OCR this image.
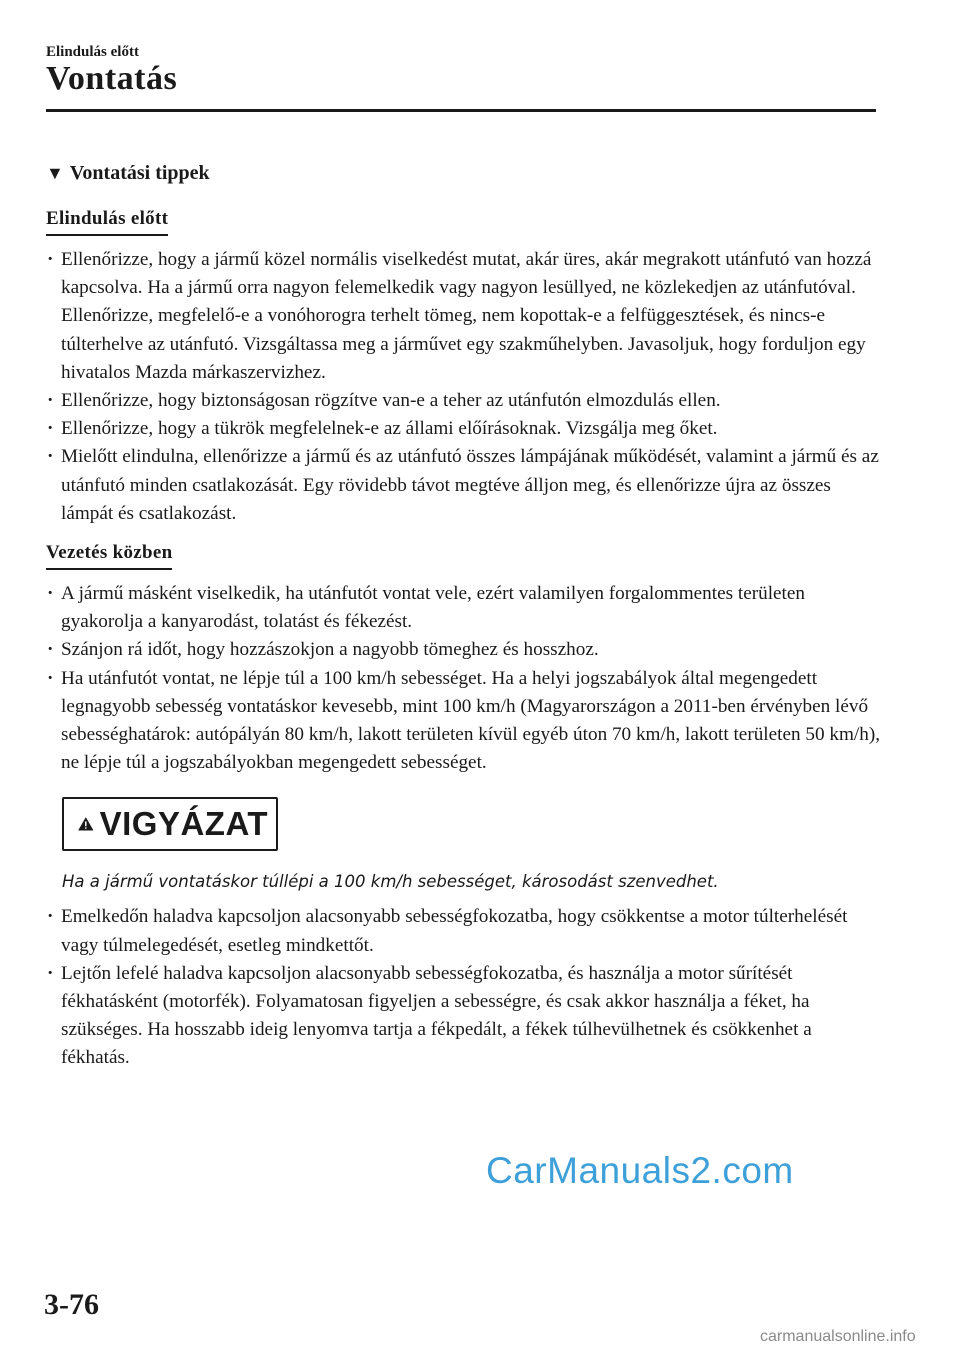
Elindulás előtt
Vontatás
▼ Vontatási tippek
Elindulás előtt
· Ellenőrizze, hogy a jármű közel normális viselkedést mutat, akár üres, akár megrakott utánfutó van hozzá kapcsolva. Ha a jármű orra nagyon felemelkedik vagy nagyon lesüllyed, ne közlekedjen az utánfutóval. Ellenőrizze, megfelelő-e a vonóhorogra terhelt tömeg, nem kopottak-e a felfüggesztések, és nincs-e túlterhelve az utánfutó. Vizsgáltassa meg a járművet egy szakműhelyben. Javasoljuk, hogy forduljon egy hivatalos Mazda márkaszervizhez.
· Ellenőrizze, hogy biztonságosan rögzítve van-e a teher az utánfutón elmozdulás ellen.
· Ellenőrizze, hogy a tükrök megfelelnek-e az állami előírásoknak. Vizsgálja meg őket.
· Mielőtt elindulna, ellenőrizze a jármű és az utánfutó összes lámpájának működését, valamint a jármű és az utánfutó minden csatlakozását. Egy rövidebb távot megtéve álljon meg, és ellenőrizze újra az összes lámpát és csatlakozást.
Vezetés közben
· A jármű másként viselkedik, ha utánfutót vontat vele, ezért valamilyen forgalommentes területen gyakorolja a kanyarodást, tolatást és fékezést.
· Szánjon rá időt, hogy hozzászokjon a nagyobb tömeghez és hosszhoz.
· Ha utánfutót vontat, ne lépje túl a 100 km/h sebességet. Ha a helyi jogszabályok által megengedett legnagyobb sebesség vontatáskor kevesebb, mint 100 km/h (Magyarországon a 2011-ben érvényben lévő sebességhatárok: autópályán 80 km/h, lakott területen kívül egyéb úton 70 km/h, lakott területen 50 km/h), ne lépje túl a jogszabályokban megengedett sebességet.
VIGYÁZAT
Ha a jármű vontatáskor túllépi a 100 km/h sebességet, károsodást szenvedhet.
· Emelkedőn haladva kapcsoljon alacsonyabb sebességfokozatba, hogy csökkentse a motor túlterhelését vagy túlmelegedését, esetleg mindkettőt.
· Lejtőn lefelé haladva kapcsoljon alacsonyabb sebességfokozatba, és használja a motor sűrítését fékhatásként (motorfék). Folyamatosan figyeljen a sebességre, és csak akkor használja a féket, ha szükséges. Ha hosszabb ideig lenyomva tartja a fékpedált, a fékek túlhevülhetnek és csökkenhet a fékhatás.
CarManuals2.com
3-76
carmanualsonline.info
